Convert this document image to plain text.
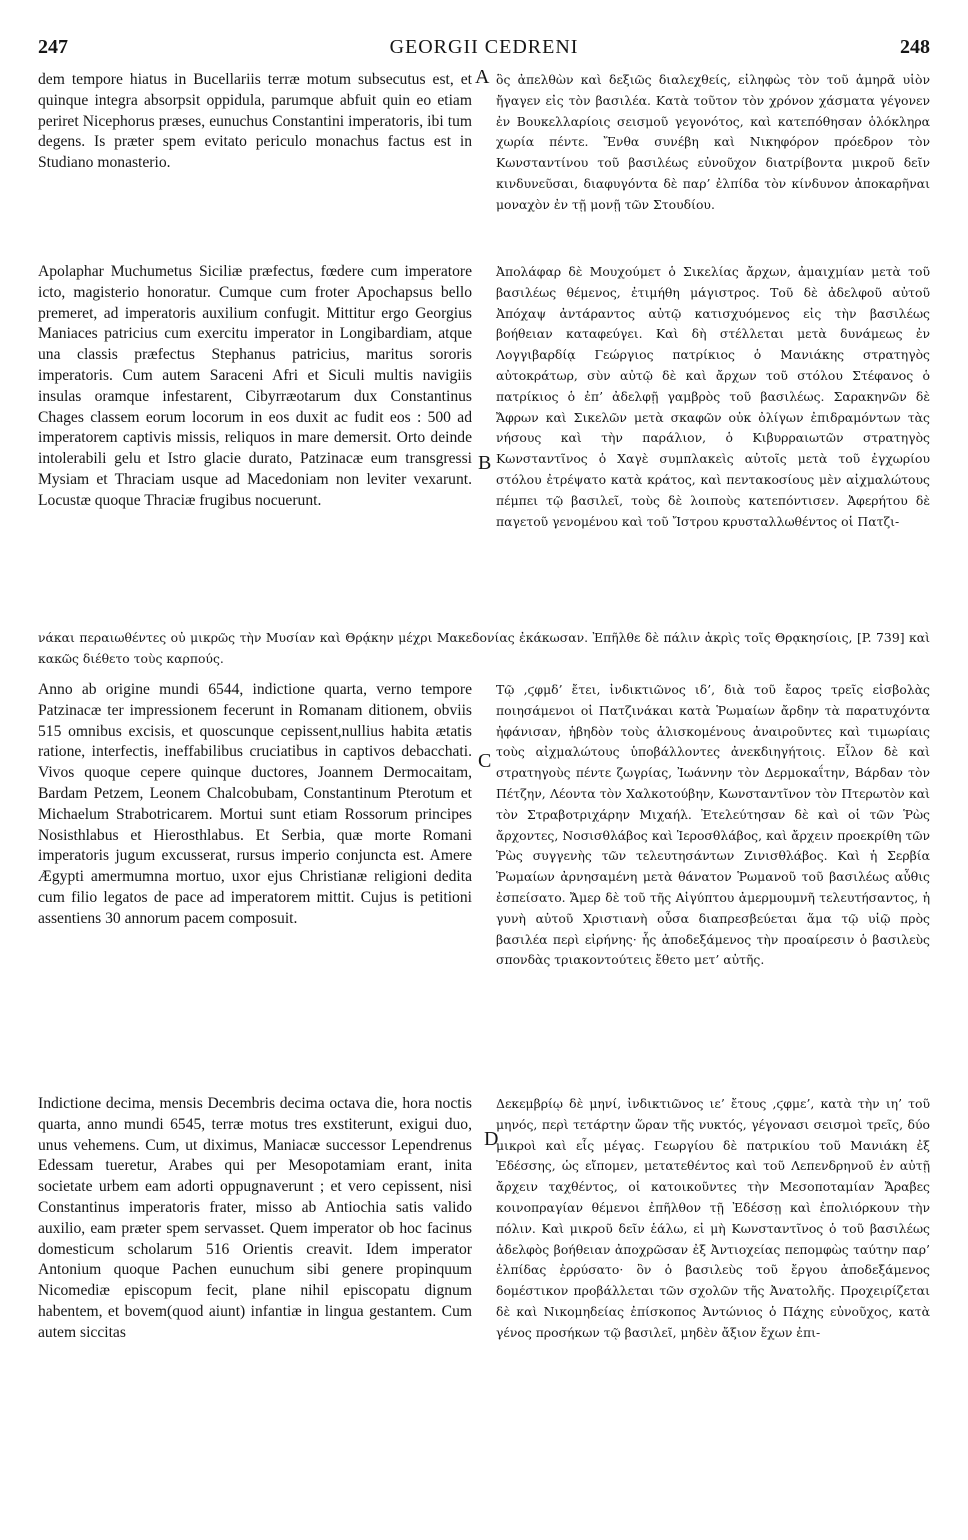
247	GEORGII CEDRENI	248
A
B
C
D

dem tempore hiatus in Bucellariis terræ motum subsecutus est, et quinque integra absorpsit oppidula, parumque abfuit quin eo etiam periret Nicephorus præses, eunuchus Constantini imperatoris, ibi tum degens. Is præter spem evitato periculo monachus factus est in Studiano monasterio.

ὃς ἀπελθὼν καὶ δεξιῶς διαλεχθείς, εἰληφὼς τὸν τοῦ ἀμηρᾶ υἱὸν ἤγαγεν εἰς τὸν βασιλέα. Κατὰ τοῦτον τὸν χρόνον χάσματα γέγονεν ἐν Βουκελλαρίοις σεισμοῦ γεγονότος, καὶ κατεπόθησαν ὁλόκληρα χωρία πέντε. Ἔνθα συνέβη καὶ Νικηφόρον πρόεδρον τὸν Κωνσταντίνου τοῦ βασιλέως εὐνοῦχον διατρίβοντα μικροῦ δεῖν κινδυνεῦσαι, διαφυγόντα δὲ παρ’ ἐλπίδα τὸν κίνδυνον ἀποκαρῆναι μοναχὸν ἐν τῇ μονῇ τῶν Στουδίου.

Apolaphar Muchumetus Siciliæ præfectus, fœdere cum imperatore icto, magisterio honoratur. Cumque cum froter Apochapsus bello premeret, ad imperatoris auxilium confugit. Mittitur ergo Georgius Maniaces patricius cum exercitu imperator in Longibardiam, atque una classis præfectus Stephanus patricius, maritus sororis imperatoris. Cum autem Saraceni Afri et Siculi multis navigiis insulas oramque infestarent, Cibyrræotarum dux Constantinus Chages classem eorum locorum in eos duxit ac fudit eos : 500 ad imperatorem captivis missis, reliquos in mare demersit. Orto deinde intolerabili gelu et Istro glacie durato, Patzinacæ eum transgressi Mysiam et Thraciam usque ad Macedoniam non leviter vexarunt. Locustæ quoque Thraciæ frugibus nocuerunt.

Ἀπολάφαρ δὲ Μουχούμετ ὁ Σικελίας ἄρχων, ἀμαιχμίαν μετὰ τοῦ βασιλέως θέμενος, ἐτιμήθη μάγιστρος. Τοῦ δὲ ἀδελφοῦ αὐτοῦ Ἀπόχαψ ἀντάραντος αὐτῷ κατισχυόμενος εἰς τὴν βασιλέως βοήθειαν καταφεύγει. Καὶ δὴ στέλλεται μετὰ δυνάμεως ἐν Λογγιβαρδίᾳ Γεώργιος πατρίκιος ὁ Μανιάκης στρατηγὸς αὐτοκράτωρ, σὺν αὐτῷ δὲ καὶ ἄρχων τοῦ στόλου Στέφανος ὁ πατρίκιος ὁ ἐπ’ ἀδελφῇ γαμβρὸς τοῦ βασιλέως. Σαρακηνῶν δὲ Ἄφρων καὶ Σικελῶν μετὰ σκαφῶν οὐκ ὀλίγων ἐπιδραμόντων τὰς νήσους καὶ τὴν παράλιον, ὁ Κιβυρραιωτῶν στρατηγὸς Κωνσταντῖνος ὁ Χαγὲ συμπλακεὶς αὐτοῖς μετὰ τοῦ ἐγχωρίου στόλου ἐτρέψατο κατὰ κράτος, καὶ πεντακοσίους μὲν αἰχμαλώτους πέμπει τῷ βασιλεῖ, τοὺς δὲ λοιποὺς κατεπόντισεν. Ἀφερήτου δὲ παγετοῦ γενομένου καὶ τοῦ Ἴστρου κρυσταλλωθέντος οἱ Πατζι-

νάκαι περαιωθέντες οὐ μικρῶς τὴν Μυσίαν καὶ Θρᾴκην μέχρι Μακεδονίας ἐκάκωσαν. Ἐπῆλθε δὲ πάλιν ἀκρὶς τοῖς Θρᾳκησίοις, [P. 739] καὶ κακῶς διέθετο τοὺς καρπούς.

Anno ab origine mundi 6544, indictione quarta, verno tempore Patzinacæ ter impressionem fecerunt in Romanam ditionem, obviis 515 omnibus excisis, et quoscunque cepissent,nullius habita ætatis ratione, interfectis, ineffabilibus cruciatibus in captivos debacchati. Vivos quoque cepere quinque ductores, Joannem Dermocaitam, Bardam Petzem, Leonem Chalcobubam, Constantinum Pterotum et Michaelum Strabotricarem. Mortui sunt etiam Rossorum principes Nosisthlabus et Hierosthlabus. Et Serbia, quæ morte Romani imperatoris jugum excusserat, rursus imperio conjuncta est. Amere Ægypti amermumna mortuo, uxor ejus Christianæ religioni dedita cum filio legatos de pace ad imperatorem mittit. Cujus is petitioni assentiens 30 annorum pacem composuit.

Τῷ ‚ϛφμδ’ ἔτει, ἰνδικτιῶνος ιδ’, διὰ τοῦ ἔαρος τρεῖς εἰσβολὰς ποιησάμενοι οἱ Πατζινάκαι κατὰ Ῥωμαίων ἄρδην τὰ παρατυχόντα ἠφάνισαν, ἡβηδὸν τοὺς ἁλισκομένους ἀναιροῦντες καὶ τιμωρίαις τοὺς αἰχμαλώτους ὑποβάλλοντες ἀνεκδιηγήτοις. Εἷλον δὲ καὶ στρατηγοὺς πέντε ζωγρίας, Ἰωάννην τὸν Δερμοκαΐτην, Βάρδαν τὸν Πέτζην, Λέοντα τὸν Χαλκοτούβην, Κωνσταντῖνον τὸν Πτερωτὸν καὶ τὸν Στραβοτριχάρην Μιχαήλ. Ἐτελεύτησαν δὲ καὶ οἱ τῶν Ῥὼς ἄρχοντες, Νοσισθλάβος καὶ Ἱεροσθλάβος, καὶ ἄρχειν προεκρίθη τῶν Ῥὼς συγγενὴς τῶν τελευτησάντων Ζινισθλάβος. Καὶ ἡ Σερβία Ῥωμαίων ἀρνησαμένη μετὰ θάνατον Ῥωμανοῦ τοῦ βασιλέως αὖθις ἐσπείσατο. Ἄμερ δὲ τοῦ τῆς Αἰγύπτου ἀμερμουμνῆ τελευτήσαντος, ἡ γυνὴ αὐτοῦ Χριστιανὴ οὖσα διαπρεσβεύεται ἅμα τῷ υἱῷ πρὸς βασιλέα περὶ εἰρήνης· ἧς ἀποδεξάμενος τὴν προαίρεσιν ὁ βασιλεὺς σπονδὰς τριακοντούτεις ἔθετο μετ’ αὐτῆς.

Indictione decima, mensis Decembris decima octava die, hora noctis quarta, anno mundi 6545, terræ motus tres exstiterunt, exigui duo, unus vehemens. Cum, ut diximus, Maniacæ successor Lependrenus Edessam tueretur, Arabes qui per Mesopotamiam erant, inita societate urbem eam adorti oppugnaverunt ; et vero cepissent, nisi Constantinus imperatoris frater, misso ab Antiochia satis valido auxilio, eam præter spem servasset. Quem imperator ob hoc facinus domesticum scholarum 516 Orientis creavit. Idem imperator Antonium quoque Pachen eunuchum sibi genere propinquum Nicomediæ episcopum fecit, plane nihil episcopatu dignum habentem, et bovem(quod aiunt) infantiæ in lingua gestantem. Cum autem siccitas

Δεκεμβρίῳ δὲ μηνί, ἰνδικτιῶνος ιε’ ἔτους ‚ϛφμε’, κατὰ τὴν ιη’ τοῦ μηνός, περὶ τετάρτην ὥραν τῆς νυκτός, γέγονασι σεισμοὶ τρεῖς, δύο μικροὶ καὶ εἷς μέγας. Γεωργίου δὲ πατρικίου τοῦ Μανιάκη ἐξ Ἐδέσσης, ὡς εἴπομεν, μετατεθέντος καὶ τοῦ Λεπενδρηνοῦ ἐν αὐτῇ ἄρχειν ταχθέντος, οἱ κατοικοῦντες τὴν Μεσοποταμίαν Ἄραβες κοινοπραγίαν θέμενοι ἐπῆλθον τῇ Ἐδέσσῃ καὶ ἐπολιόρκουν τὴν πόλιν. Καὶ μικροῦ δεῖν ἑάλω, εἰ μὴ Κωνσταντῖνος ὁ τοῦ βασιλέως ἀδελφὸς βοήθειαν ἀποχρῶσαν ἐξ Ἀντιοχείας πεπομφὼς ταύτην παρ’ ἐλπίδας ἐρρύσατο· ὃν ὁ βασιλεὺς τοῦ ἔργου ἀποδεξάμενος δομέστικον προβάλλεται τῶν σχολῶν τῆς Ἀνατολῆς. Προχειρίζεται δὲ καὶ Νικομηδείας ἐπίσκοπος Ἀντώνιος ὁ Πάχης εὐνοῦχος, κατὰ γένος προσήκων τῷ βασιλεῖ, μηδὲν ἄξιον ἔχων ἐπι-
